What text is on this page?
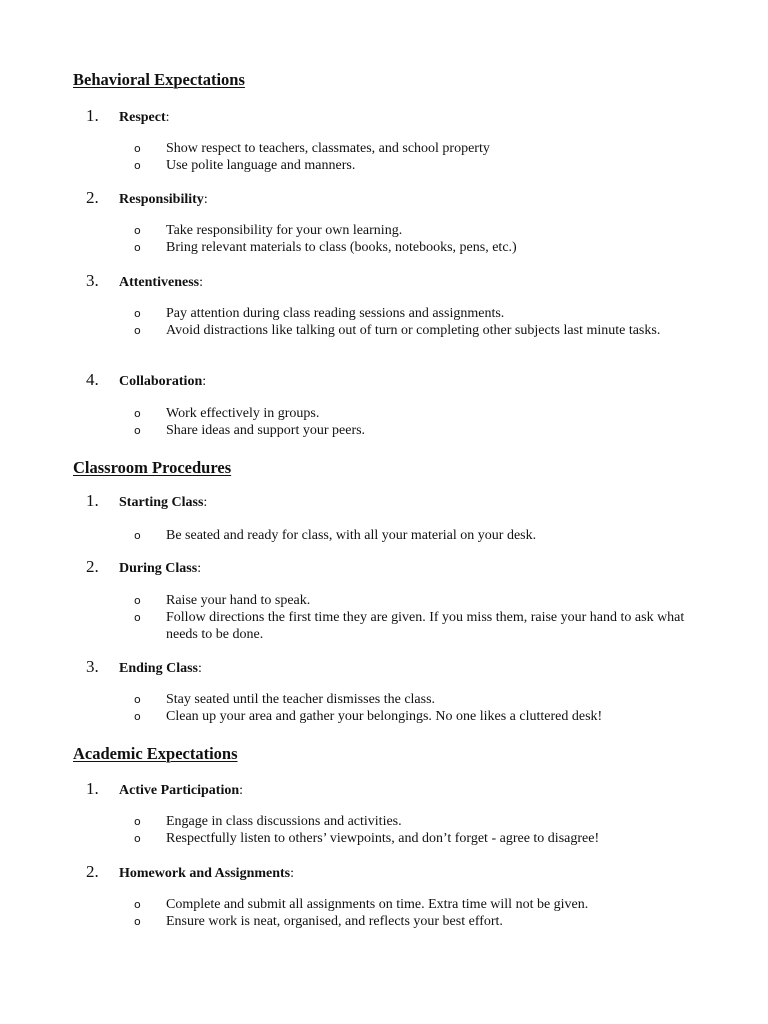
Behavioral Expectations
1. Respect:
o	Show respect to teachers, classmates, and school property
o	Use polite language and manners.
2. Responsibility:
o	Take responsibility for your own learning.
o	Bring relevant materials to class (books, notebooks, pens, etc.)
3. Attentiveness:
o	Pay attention during class reading sessions and assignments.
o	Avoid distractions like talking out of turn or completing other subjects last minute tasks.
4. Collaboration:
o	Work effectively in groups.
o	Share ideas and support your peers.
Classroom Procedures
1. Starting Class:
o	Be seated and ready for class, with all your material on your desk.
2. During Class:
o	Raise your hand to speak.
o	Follow directions the first time they are given. If you miss them, raise your hand to ask what needs to be done.
3. Ending Class:
o	Stay seated until the teacher dismisses the class.
o	Clean up your area and gather your belongings. No one likes a cluttered desk!
Academic Expectations
1. Active Participation:
o	Engage in class discussions and activities.
o	Respectfully listen to others’ viewpoints, and don’t forget - agree to disagree!
2. Homework and Assignments:
o	Complete and submit all assignments on time. Extra time will not be given.
o	Ensure work is neat, organised, and reflects your best effort.
